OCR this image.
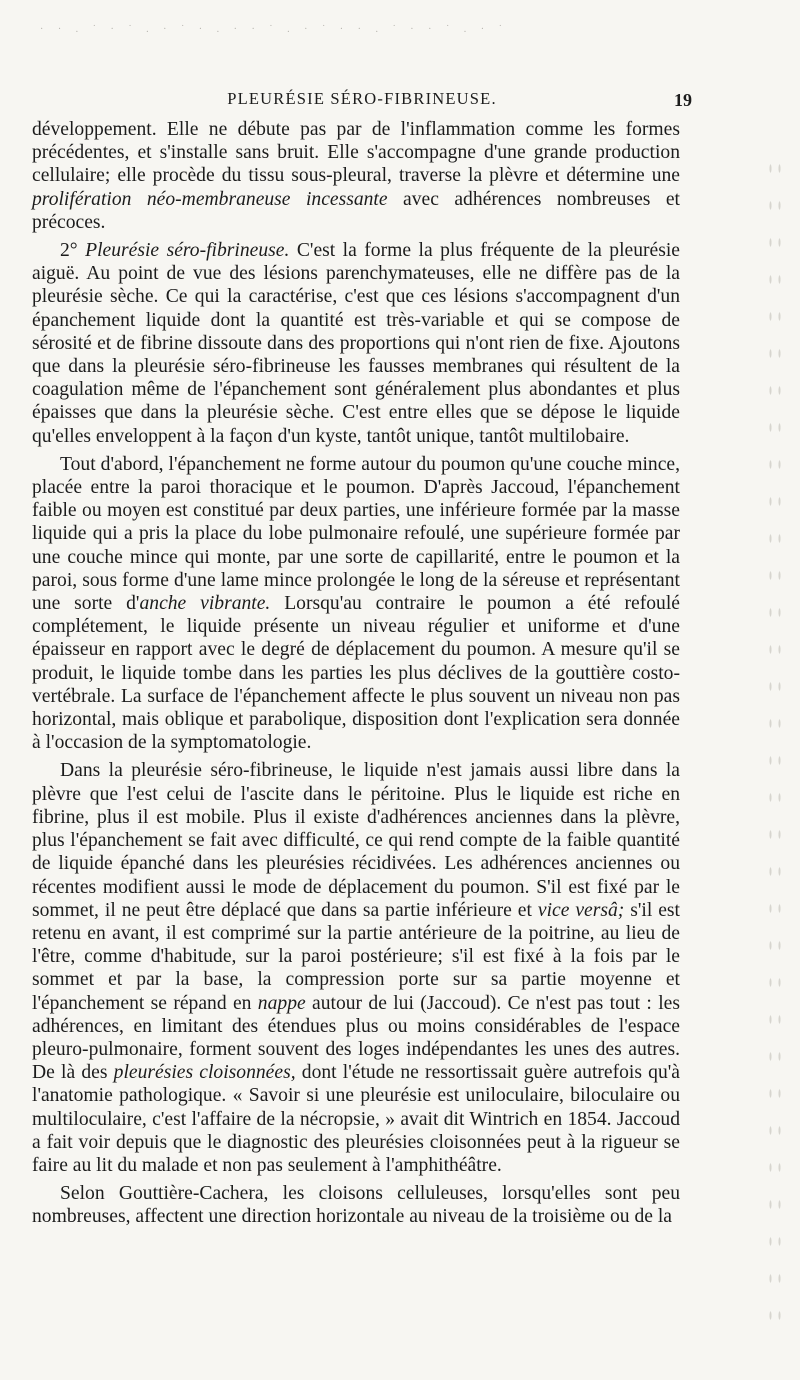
· · . ˙ · ˙ . · ˙ · . · · ˙ . · ˙ · · . ˙ · · ˙ . · ˙
PLEURÉSIE SÉRO-FIBRINEUSE.	19

développement. Elle ne débute pas par de l'inflammation comme les formes précédentes, et s'installe sans bruit. Elle s'accompagne d'une grande production cellulaire; elle procède du tissu sous-pleural, traverse la plèvre et détermine une prolifération néo-membraneuse incessante avec adhérences nombreuses et précoces.

2° Pleurésie séro-fibrineuse. C'est la forme la plus fréquente de la pleurésie aiguë. Au point de vue des lésions parenchymateuses, elle ne diffère pas de la pleurésie sèche. Ce qui la caractérise, c'est que ces lésions s'accompagnent d'un épanchement liquide dont la quantité est très-variable et qui se compose de sérosité et de fibrine dissoute dans des proportions qui n'ont rien de fixe. Ajoutons que dans la pleurésie séro-fibrineuse les fausses membranes qui résultent de la coagulation même de l'épanchement sont généralement plus abondantes et plus épaisses que dans la pleurésie sèche. C'est entre elles que se dépose le liquide qu'elles enveloppent à la façon d'un kyste, tantôt unique, tantôt multilobaire.

Tout d'abord, l'épanchement ne forme autour du poumon qu'une couche mince, placée entre la paroi thoracique et le poumon. D'après Jaccoud, l'épanchement faible ou moyen est constitué par deux parties, une inférieure formée par la masse liquide qui a pris la place du lobe pulmonaire refoulé, une supérieure formée par une couche mince qui monte, par une sorte de capillarité, entre le poumon et la paroi, sous forme d'une lame mince prolongée le long de la séreuse et représentant une sorte d'anche vibrante. Lorsqu'au contraire le poumon a été refoulé complétement, le liquide présente un niveau régulier et uniforme et d'une épaisseur en rapport avec le degré de déplacement du poumon. A mesure qu'il se produit, le liquide tombe dans les parties les plus déclives de la gouttière costo-vertébrale. La surface de l'épanchement affecte le plus souvent un niveau non pas horizontal, mais oblique et parabolique, disposition dont l'explication sera donnée à l'occasion de la symptomatologie.

Dans la pleurésie séro-fibrineuse, le liquide n'est jamais aussi libre dans la plèvre que l'est celui de l'ascite dans le péritoine. Plus le liquide est riche en fibrine, plus il est mobile. Plus il existe d'adhérences anciennes dans la plèvre, plus l'épanchement se fait avec difficulté, ce qui rend compte de la faible quantité de liquide épanché dans les pleurésies récidivées. Les adhérences anciennes ou récentes modifient aussi le mode de déplacement du poumon. S'il est fixé par le sommet, il ne peut être déplacé que dans sa partie inférieure et vice versâ; s'il est retenu en avant, il est comprimé sur la partie antérieure de la poitrine, au lieu de l'être, comme d'habitude, sur la paroi postérieure; s'il est fixé à la fois par le sommet et par la base, la compression porte sur sa partie moyenne et l'épanchement se répand en nappe autour de lui (Jaccoud). Ce n'est pas tout : les adhérences, en limitant des étendues plus ou moins considérables de l'espace pleuro-pulmonaire, forment souvent des loges indépendantes les unes des autres. De là des pleurésies cloisonnées, dont l'étude ne ressortissait guère autrefois qu'à l'anatomie pathologique. « Savoir si une pleurésie est uniloculaire, biloculaire ou multiloculaire, c'est l'affaire de la nécropsie, » avait dit Wintrich en 1854. Jaccoud a fait voir depuis que le diagnostic des pleurésies cloisonnées peut à la rigueur se faire au lit du malade et non pas seulement à l'amphithéâtre.

Selon Gouttière-Cachera, les cloisons celluleuses, lorsqu'elles sont peu nombreuses, affectent une direction horizontale au niveau de la troisième ou de la
